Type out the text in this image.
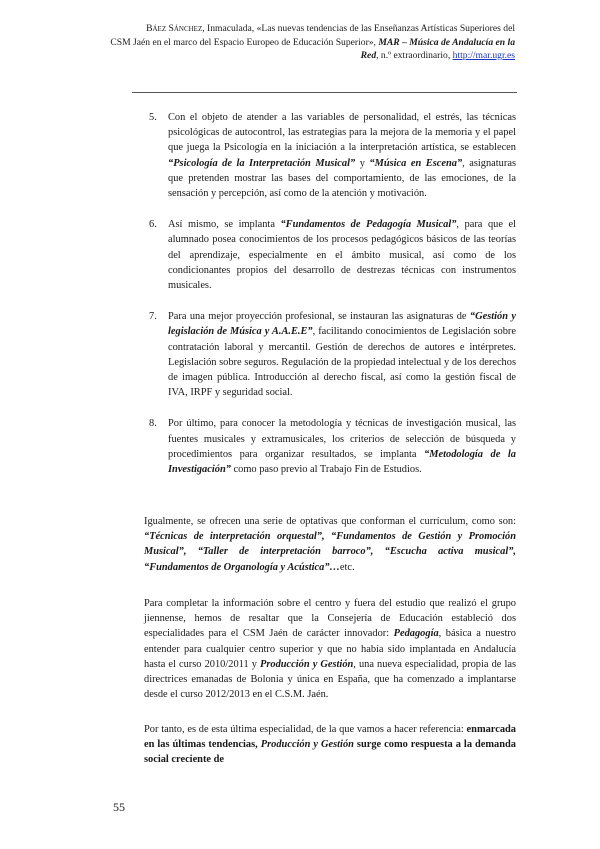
Báez Sánchez, Inmaculada, «Las nuevas tendencias de las Enseñanzas Artísticas Superiores del
CSM Jaén en el marco del Espacio Europeo de Educación Superior», MAR – Música de Andalucía en la Red, n.º extraordinario, http://mar.ugr.es
5. Con el objeto de atender a las variables de personalidad, el estrés, las técnicas psicológicas de autocontrol, las estrategias para la mejora de la memoria y el papel que juega la Psicología en la iniciación a la interpretación artística, se establecen “Psicología de la Interpretación Musical” y “Música en Escena”, asignaturas que pretenden mostrar las bases del comportamiento, de las emociones, de la sensación y percepción, así como de la atención y motivación.
6. Así mismo, se implanta “Fundamentos de Pedagogía Musical”, para que el alumnado posea conocimientos de los procesos pedagógicos básicos de las teorías del aprendizaje, especialmente en el ámbito musical, así como de los condicionantes propios del desarrollo de destrezas técnicas con instrumentos musicales.
7. Para una mejor proyección profesional, se instauran las asignaturas de “Gestión y legislación de Música y A.A.E.E”, facilitando conocimientos de Legislación sobre contratación laboral y mercantil. Gestión de derechos de autores e intérpretes. Legislación sobre seguros. Regulación de la propiedad intelectual y de los derechos de imagen pública. Introducción al derecho fiscal, así como la gestión fiscal de IVA, IRPF y seguridad social.
8. Por último, para conocer la metodología y técnicas de investigación musical, las fuentes musicales y extramusicales, los criterios de selección de búsqueda y procedimientos para organizar resultados, se implanta “Metodología de la Investigación” como paso previo al Trabajo Fin de Estudios.

Igualmente, se ofrecen una serie de optativas que conforman el currículum, como son: “Técnicas de interpretación orquestal”, “Fundamentos de Gestión y Promoción Musical”, “Taller de interpretación barroco”, “Escucha activa musical”, “Fundamentos de Organología y Acústica”…etc.

Para completar la información sobre el centro y fuera del estudio que realizó el grupo jiennense, hemos de resaltar que la Consejería de Educación estableció dos especialidades para el CSM Jaén de carácter innovador: Pedagogía, básica a nuestro entender para cualquier centro superior y que no había sido implantada en Andalucía hasta el curso 2010/2011 y Producción y Gestión, una nueva especialidad, propia de las directrices emanadas de Bolonia y única en España, que ha comenzado a implantarse desde el curso 2012/2013 en el C.S.M. Jaén.

Por tanto, es de esta última especialidad, de la que vamos a hacer referencia: enmarcada en las últimas tendencias, Producción y Gestión surge como respuesta a la demanda social creciente de

55
